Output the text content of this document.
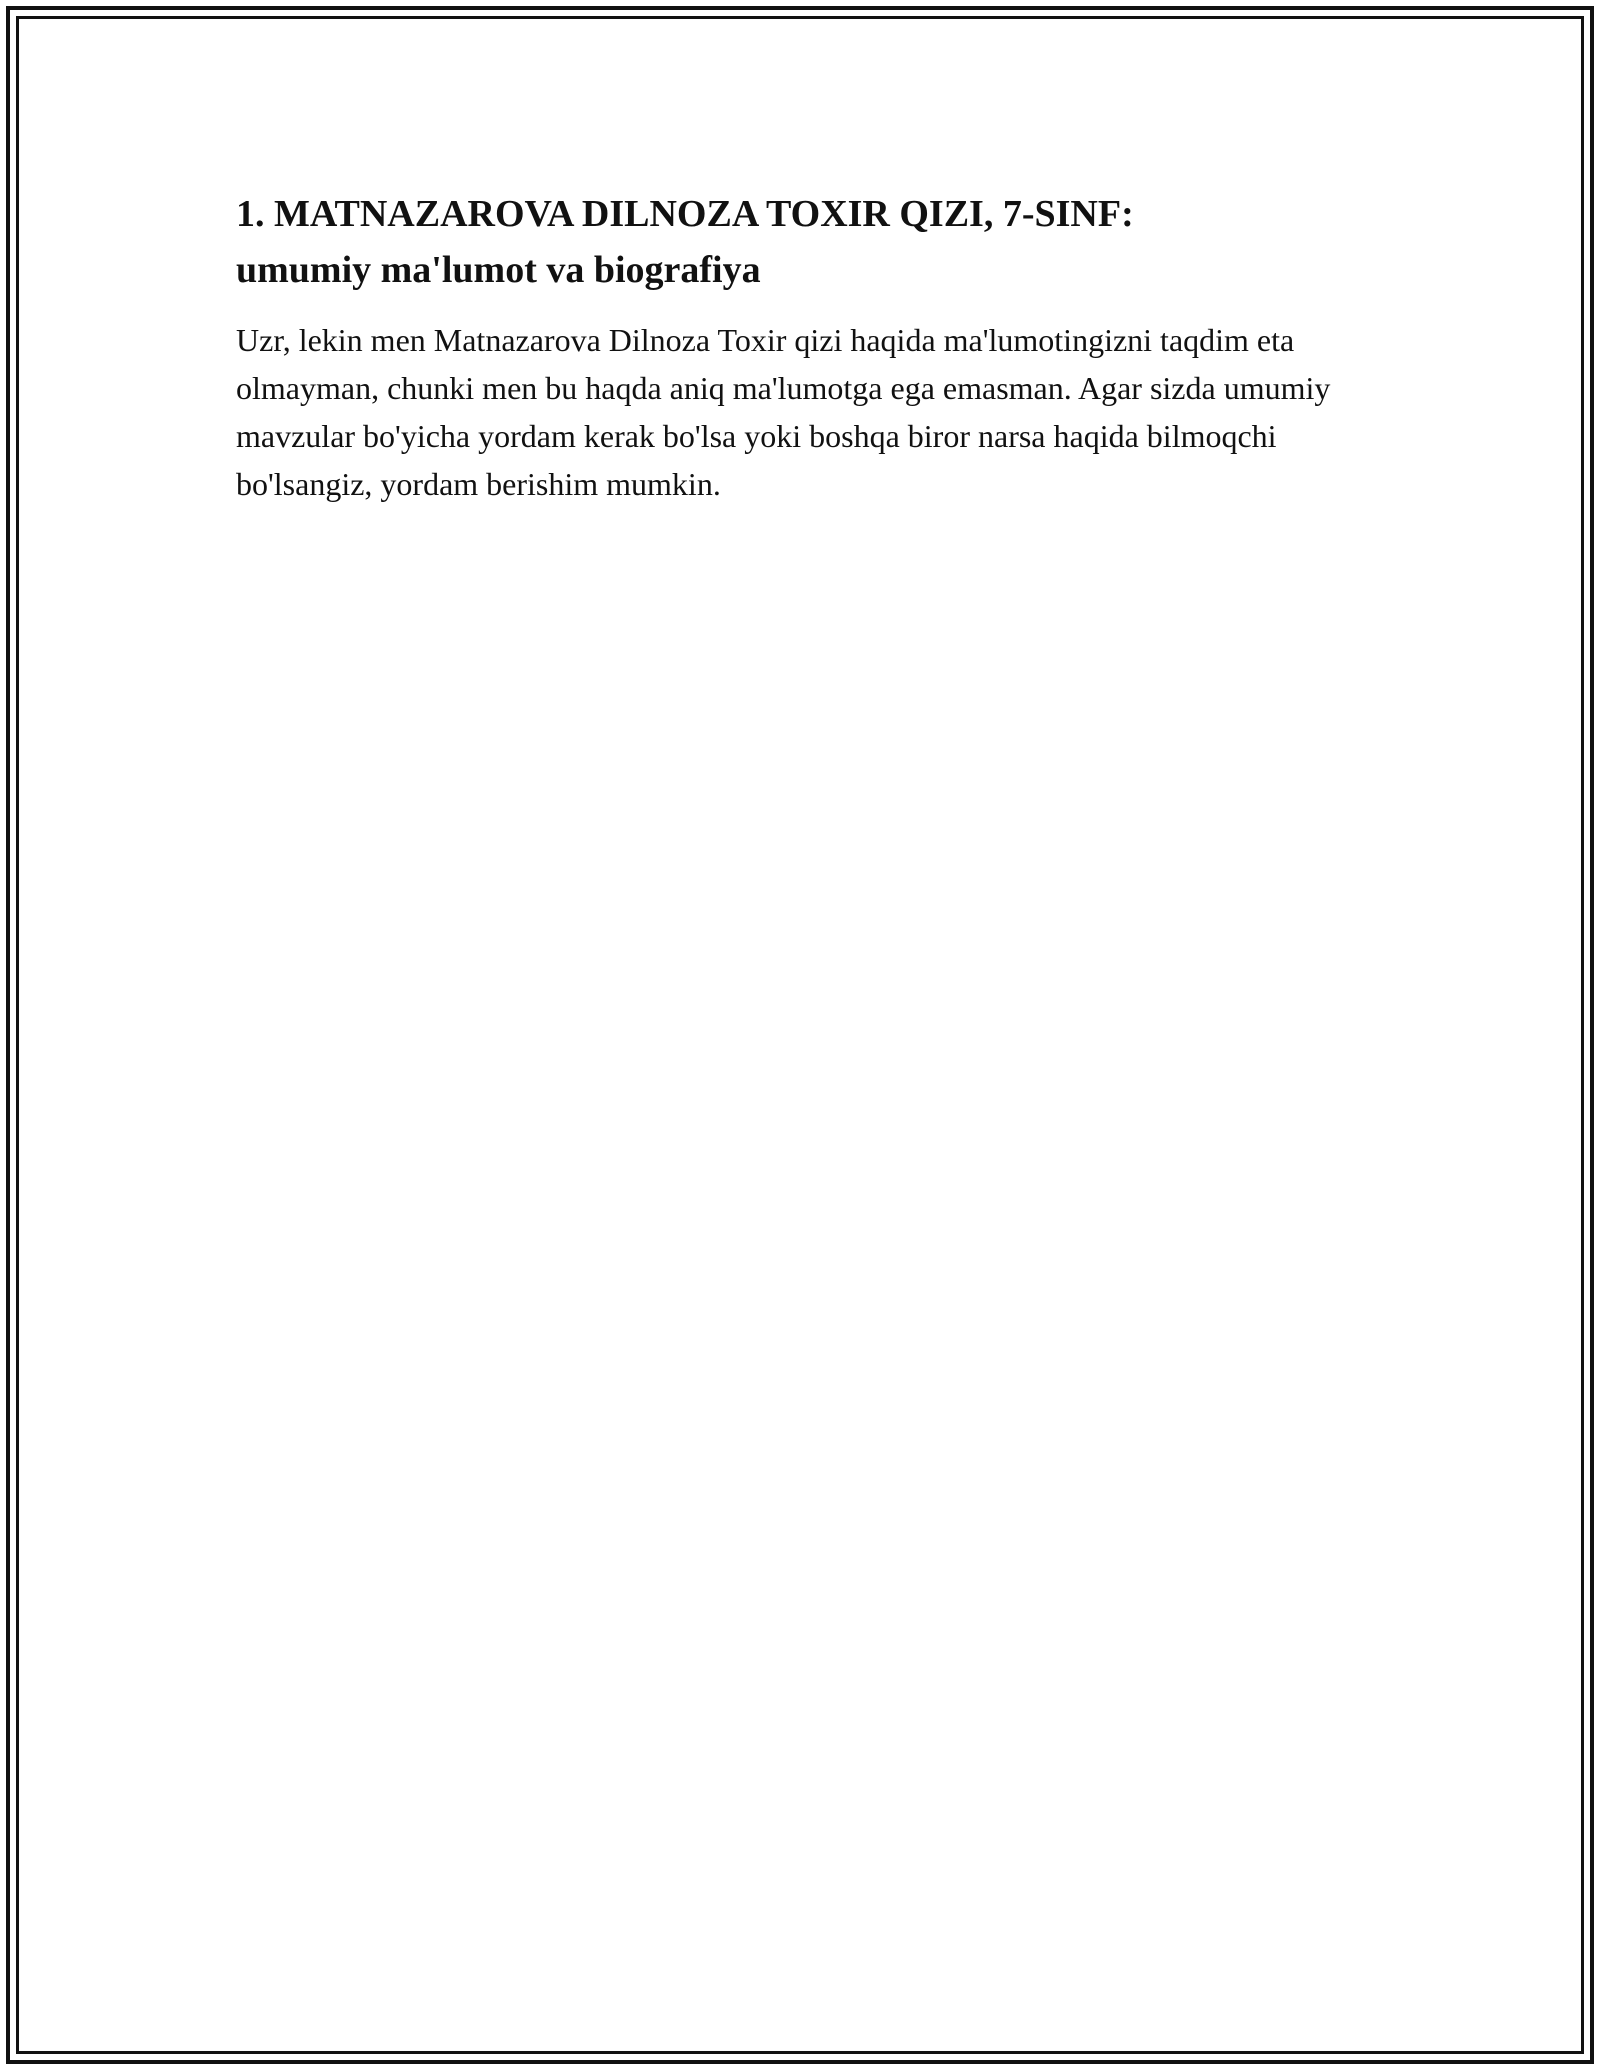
1. MATNAZAROVA DILNOZA TOXIR QIZI, 7-SINF:
umumiy ma'lumot va biografiya

Uzr, lekin men Matnazarova Dilnoza Toxir qizi haqida ma'lumotingizni taqdim eta olmayman, chunki men bu haqda aniq ma'lumotga ega emasman. Agar sizda umumiy mavzular bo'yicha yordam kerak bo'lsa yoki boshqa biror narsa haqida bilmoqchi bo'lsangiz, yordam berishim mumkin.
